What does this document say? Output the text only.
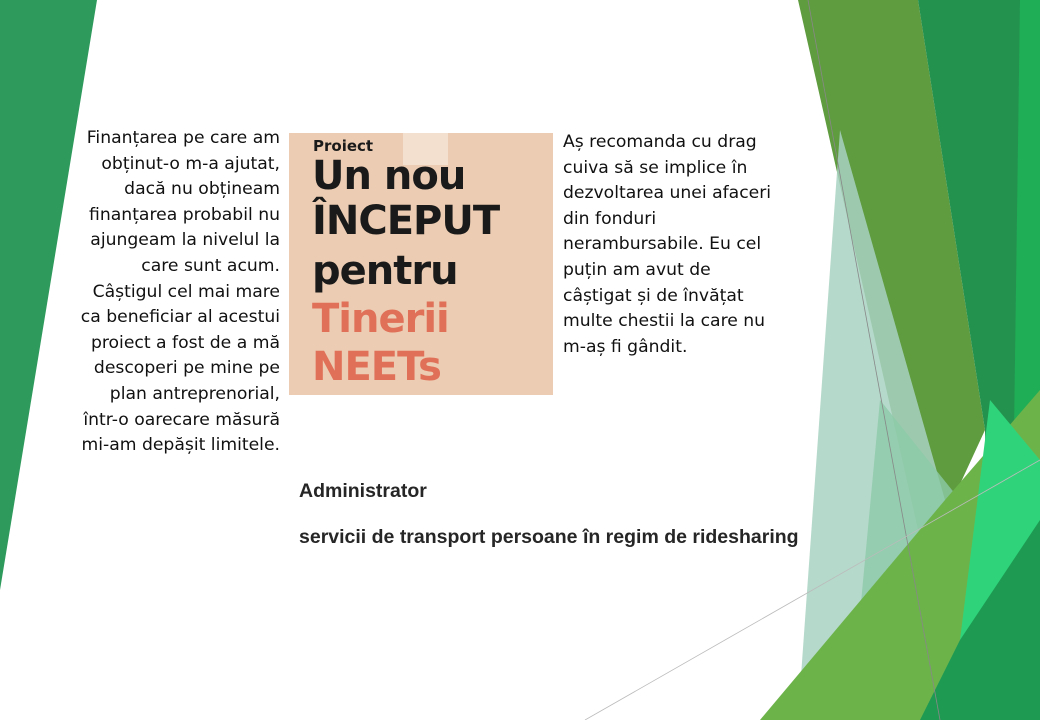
Finanțarea pe care am obținut-o m-a ajutat, dacă nu obțineam finanțarea probabil nu ajungeam la nivelul la care sunt acum. Câștigul cel mai mare ca beneficiar al acestui proiect a fost de a mă descoperi pe mine pe plan antreprenorial, într-o oarecare măsură mi-am depășit limitele.

Proiect
Un nou
ÎNCEPUT
pentru
Tinerii
NEETs

Aș recomanda cu drag cuiva să se implice în dezvoltarea unei afaceri din fonduri nerambursabile. Eu cel puțin am avut de câștigat și de învățat multe chestii la care nu m-aș fi gândit.

Administrator
servicii de transport persoane în regim de ridesharing
